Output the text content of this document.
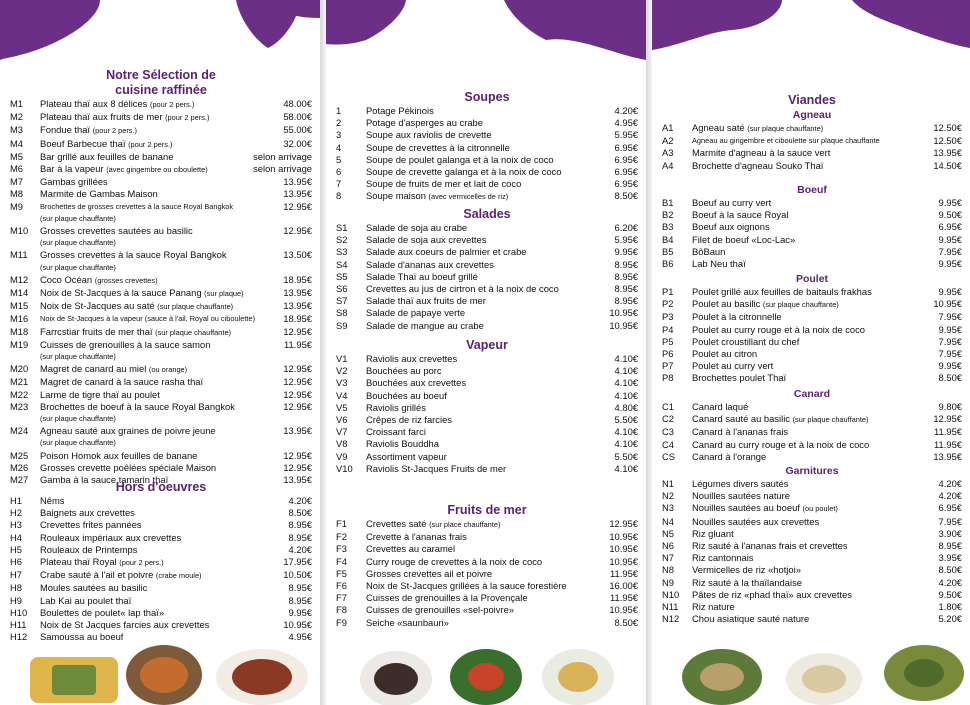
Notre Sélection de
cuisine raffinée
M1	Plateau thaï aux 8 délices (pour 2 pers.)	48.00€
M2	Plateau thaï aux fruits de mer (pour 2 pers.)	58.00€
M3	Fondue thaï (pour 2 pers.)	55.00€
M4	Boeuf Barbecue thaï (pour 2 pers.)	32.00€
M5	Bar grillé aux feuilles de banane	selon arrivage
M6	Bar à la vapeur (avec gingembre ou ciboulette)	selon arrivage
M7	Gambas grillées	13.95€
M8	Marmite de Gambas Maison	13.95€
M9	Brochettes de grosses crevettes à la sauce Royal Bangkok	12.95€
(sur plaque chauffante)
M10	Grosses crevettes sautées au basilic	12.95€
(sur plaque chauffante)
M11	Grosses crevettes à la sauce Royal Bangkok	13.50€
(sur plaque chauffante)
M12	Coco Océan (grosses crevettes)	18.95€
M14	Noix de St-Jacques à la sauce Panang (sur plaque)	13.95€
M15	Noix de St-Jacques au saté (sur plaque chauffante)	13.95€
M16	Noix de St-Jacques à la vapeur (sauce à l'ail, Royal ou ciboulette)	18.95€
M18	Farrcstiar fruits de mer thaï (sur plaque chauffante)	12.95€
M19	Cuisses de grenouilles à la sauce samon	11.95€
(sur plaque chauffante)
M20	Magret de canard au miel (ou orange)	12.95€
M21	Magret de canard à la sauce rasha thaï	12.95€
M22	Larme de tigre thaï au poulet	12.95€
M23	Brochettes de boeuf à la sauce Royal Bangkok	12.95€
(sur plaque chauffante)
M24	Agneau sauté aux graines de poivre jeune	13.95€
(sur plaque chauffante)
M25	Poison Homok aux feuilles de banane	12.95€
M26	Grosses crevette poêlées spéciale Maison	12.95€
M27	Gamba à la sauce tamarin thaï	13.95€
Hors d'oeuvres
H1	Nêms	4.20€
H2	Baignets aux crevettes	8.50€
H3	Crevettes frites pannées	8.95€
H4	Rouleaux impériaux aux crevettes	8.95€
H5	Rouleaux de Printemps	4.20€
H6	Plateau thaï Royal (pour 2 pers.)	17.95€
H7	Crabe sauté à l'ail et poivre (crabe moule)	10.50€
H8	Moules sautées au basilic	8.95€
H9	Lab Kai au poulet thaï	8.95€
H10	Boulettes de poulet« lap thaï»	9.95€
H11	Noix de St Jacques farcies aux crevettes	10.95€
H12	Samoussa au boeuf	4.95€
Soupes
1	Potage Pékinois	4.20€
2	Potage d'asperges au crabe	4.95€
3	Soupe aux raviolis de crevette	5.95€
4	Soupe de crevettes à la citronnelle	6.95€
5	Soupe de poulet galanga et à la noix de coco	6.95€
6	Soupe de crevette galanga et à la noix de coco	6.95€
7	Soupe de fruits de mer et lait de coco	6.95€
8	Soupe maison (avec vermicelles de riz)	8.50€
Salades
S1	Salade de soja au crabe	6.20€
S2	Salade de soja aux crevettes	5.95€
S3	Salade aux coeurs de palmier et crabe	9.95€
S4	Salade d'ananas aux crevettes	8.95€
S5	Salade Thaï au boeuf grillé	8.95€
S6	Crevettes au jus de cirtron et à la noix de coco	8.95€
S7	Salade thaï aux fruits de mer	8.95€
S8	Salade de papaye verte	10.95€
S9	Salade de mangue au crabe	10.95€
Vapeur
V1	Raviolis aux crevettes	4.10€
V2	Bouchées au porc	4.10€
V3	Bouchées aux crevettes	4.10€
V4	Bouchées au boeuf	4.10€
V5	Raviolis grillés	4.80€
V6	Crêpes de riz farcies	5.50€
V7	Croissant farci	4.10€
V8	Raviolis Bouddha	4.10€
V9	Assortiment vapeur	5.50€
V10	Raviolis St-Jacques Fruits de mer	4.10€
Fruits de mer
F1	Crevettes saté (sur place chauffante)	12.95€
F2	Crevette à l'ananas frais	10.95€
F3	Crevettes au caramel	10.95€
F4	Curry rouge de crevettes à la noix de coco	10.95€
F5	Grosses crevettes ail et poivre	11.95€
F6	Noix de St-Jacques grillées à la sauce forestière	16.00€
F7	Cuisses de grenouilles à la Provençale	11.95€
F8	Cuisses de grenouilles «sel-poivre»	10.95€
F9	Seiche «saunbauri»	8.50€
Viandes
Agneau
A1	Agneau saté (sur plaque chauffante)	12.50€
A2	Agneau au gingembre et ciboulette sur plaque chauffante	12.50€
A3	Marmite d'agneau à la sauce vert	13.95€
A4	Brochette d'agneau Souko Thaï	14.50€
Boeuf
B1	Boeuf au curry vert	9.95€
B2	Boeuf à la sauce Royal	9.50€
B3	Boeuf aux oignons	6.95€
B4	Filet de boeuf «Loc-Lac»	9.95€
B5	BôBaun	7.95€
B6	Lab Neu thaï	9.95€
Poulet
P1	Poulet grillé aux feuilles de baitauls frakhas	9.95€
P2	Poulet au basilic (sur plaque chauffante)	10.95€
P3	Poulet à la citronnelle	7.95€
P4	Poulet au curry rouge et à la noix de coco	9.95€
P5	Poulet croustillant du chef	7.95€
P6	Poulet au citron	7.95€
P7	Poulet au curry vert	9.95€
P8	Brochettes poulet Thaï	8.50€
Canard
C1	Canard laqué	9.80€
C2	Canard sauté au basilic (sur plaque chauffante)	12.95€
C3	Canard à l'ananas frais	11.95€
C4	Canard au curry rouge et à la noix de coco	11.95€
CS	Canard à l'orange	13.95€
Garnitures
N1	Légumes divers sautés	4.20€
N2	Nouilles sautées nature	4.20€
N3	Nouilles sautées au boeuf (ou poulet)	6.95€
N4	Nouilles sautées aux crevettes	7.95€
N5	Riz gluant	3.90€
N6	Riz sauté à l'ananas frais et crevettes	8.95€
N7	Riz cantonnais	3.95€
N8	Vermicelles de riz «hotjoi»	8.50€
N9	Riz sauté à la thaïlandaise	4.20€
N10	Pâtes de riz «phad thaï» aux crevettes	9.50€
N11	Riz nature	1.80€
N12	Chou asiatique sauté nature	5.20€
